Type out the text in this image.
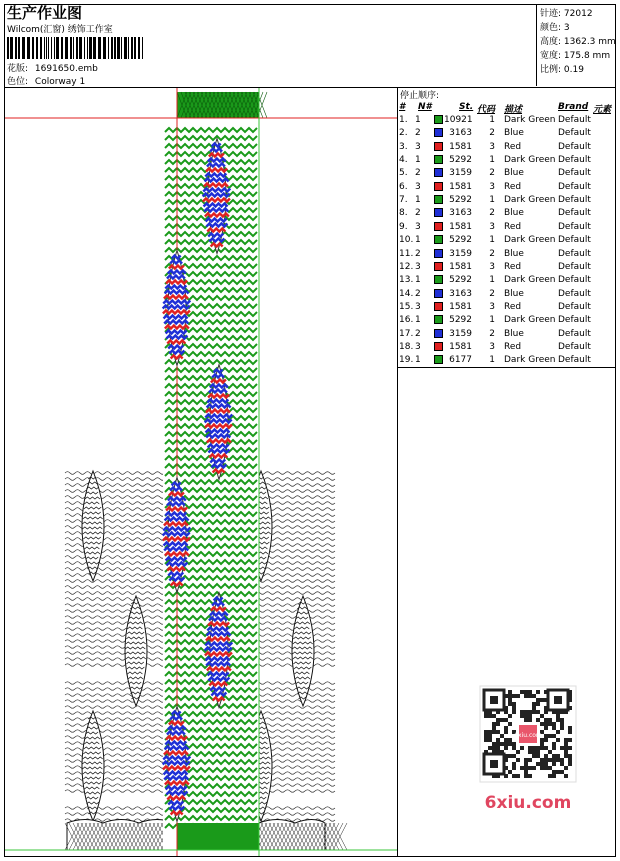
生产作业图
Wilcom(汇窗) 绣饰工作室
花版: 1691650.emb
色位: Colorway 1
针迹: 72012
颜色: 3
高度: 1362.3 mm
宽度: 175.8 mm
比例: 0.19
停止顺序:
# N#	St. 代码 描述	Brand 元素
1. 1	10921	1 Dark Green Default
2. 2	3163	2 Blue	Default
3. 3	1581	3 Red	Default
4. 1	5292	1 Dark Green Default
5. 2	3159	2 Blue	Default
6. 3	1581	3 Red	Default
7. 1	5292	1 Dark Green Default
8. 2	3163	2 Blue	Default
9. 3	1581	3 Red	Default
10. 1	5292	1 Dark Green Default
11. 2	3159	2 Blue	Default
12. 3	1581	3 Red	Default
13. 1	5292	1 Dark Green Default
14. 2	3163	2 Blue	Default
15. 3	1581	3 Red	Default
16. 1	5292	1 Dark Green Default
17. 2	3159	2 Blue	Default
18. 3	1581	3 Red	Default
19. 1	6177	1 Dark Green Default
6xiu.com
6xiu.com
